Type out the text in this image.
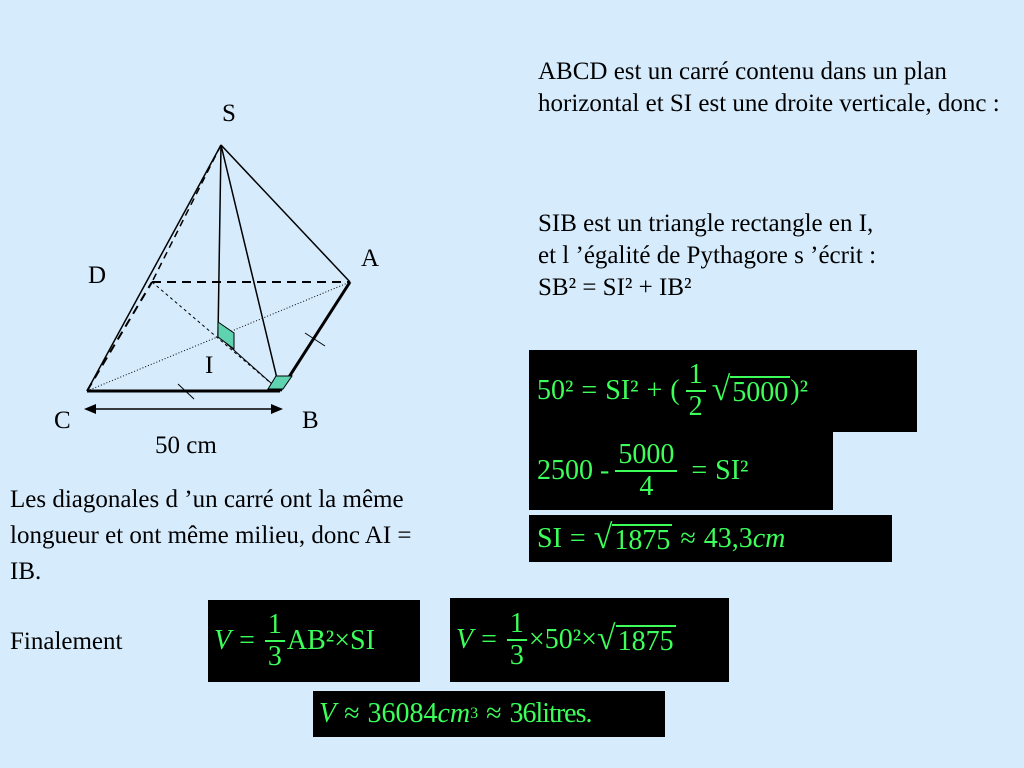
S
A
D
I
C	B
50 cm
ABCD est un carré contenu dans un plan horizontal et SI est une droite verticale, donc :
SIB est un triangle rectangle en I,
et l ’égalité de Pythagore s ’écrit :
SB² = SI² + IB²
50² = SI² + ( $\frac{1}{2}$ √ 5000 )²
$2500 - \frac{5000}{4} = SI^2$
SI = √ 1875 ≈ 43,3 cm
Les diagonales d ’un carré ont la même longueur et ont même milieu, donc AI = IB.
Finalement	$V = \frac{1}{3} AB^2$ × SI	$V = \frac{1}{3} \times 50^2$ × √ 1875
V ≈ 36084 cm 3 ≈ 36litres.
